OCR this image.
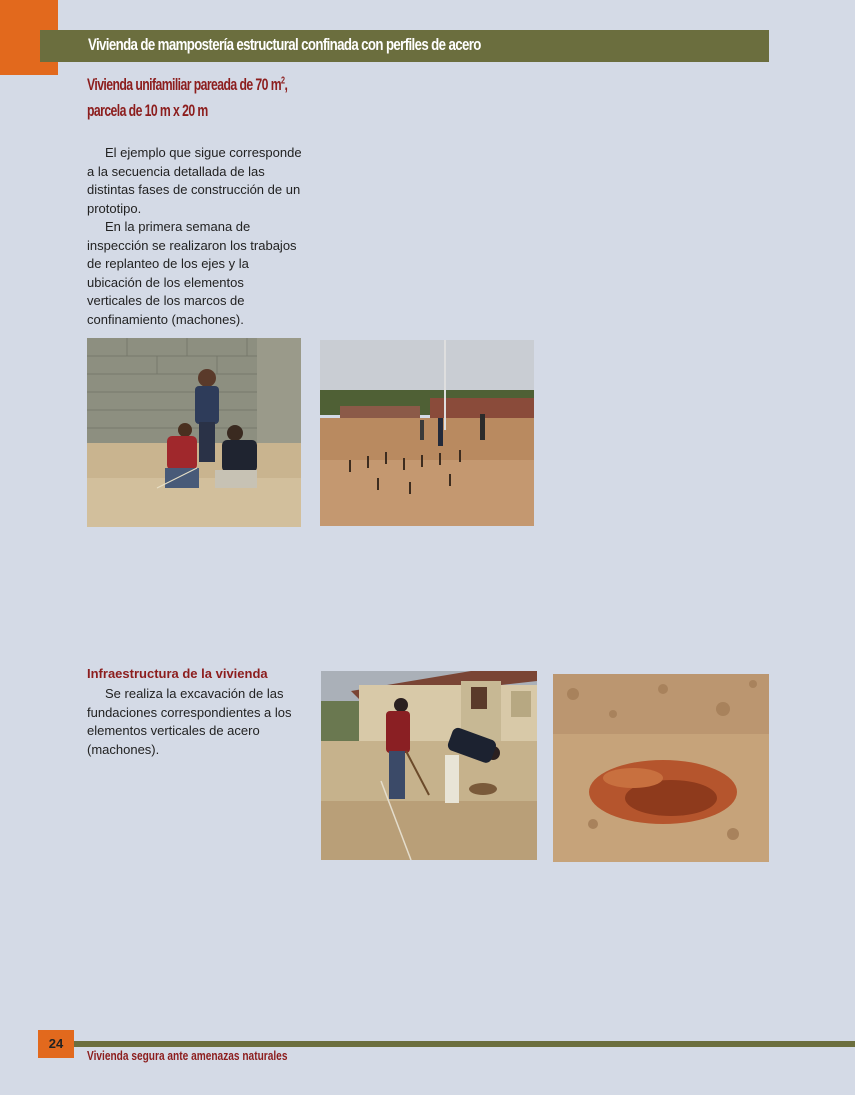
Vivienda de mampostería estructural confinada con perfiles de acero
Vivienda unifamiliar pareada de 70 $m^2$,
parcela de 10 m x 20 m

El ejemplo que sigue corresponde a la secuencia detallada de las distintas fases de construcción de un prototipo.

En la primera semana de inspección se realizaron los trabajos de replanteo de los ejes y la ubicación de los elementos verticales de los marcos de confinamiento (machones).

Infraestructura de la vivienda

Se realiza la excavación de las fundaciones correspondientes a los elementos verticales de acero (machones).

24
Vivienda segura ante amenazas naturales
